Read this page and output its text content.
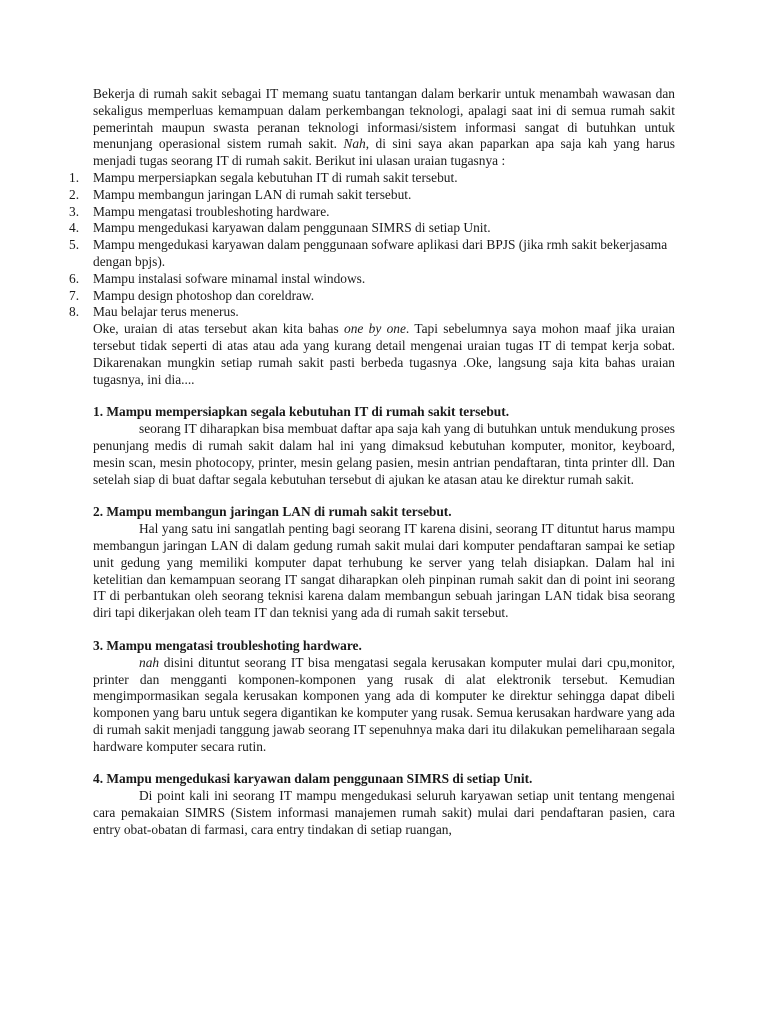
Bekerja di rumah sakit sebagai IT memang suatu tantangan dalam berkarir untuk menambah wawasan dan sekaligus memperluas kemampuan dalam perkembangan teknologi, apalagi saat ini di semua rumah sakit pemerintah maupun swasta peranan teknologi informasi/sistem informasi sangat di butuhkan untuk menunjang operasional sistem rumah sakit. Nah, di sini saya akan paparkan apa saja kah yang harus menjadi tugas seorang IT di rumah sakit. Berikut ini ulasan uraian tugasnya :

1. Mampu merpersiapkan segala kebutuhan IT di rumah sakit tersebut.
2. Mampu membangun jaringan LAN di rumah sakit tersebut.
3. Mampu mengatasi troubleshoting hardware.
4. Mampu mengedukasi karyawan dalam penggunaan SIMRS di setiap Unit.
5. Mampu mengedukasi karyawan dalam penggunaan sofware aplikasi dari BPJS (jika rmh sakit bekerjasama dengan bpjs).
6. Mampu instalasi sofware minamal instal windows.
7. Mampu design photoshop dan coreldraw.
8. Mau belajar terus menerus.

Oke, uraian di atas tersebut akan kita bahas one by one. Tapi sebelumnya saya mohon maaf jika uraian tersebut tidak seperti di atas atau ada yang kurang detail mengenai uraian tugas IT di tempat kerja sobat. Dikarenakan mungkin setiap rumah sakit pasti berbeda tugasnya .Oke, langsung saja kita bahas uraian tugasnya, ini dia....

1. Mampu mempersiapkan segala kebutuhan IT di rumah sakit tersebut.

seorang IT diharapkan bisa membuat daftar apa saja kah yang di butuhkan untuk mendukung proses penunjang medis di rumah sakit dalam hal ini yang dimaksud kebutuhan komputer, monitor, keyboard, mesin scan, mesin photocopy, printer, mesin gelang pasien, mesin antrian pendaftaran, tinta printer dll. Dan setelah siap di buat daftar segala kebutuhan tersebut di ajukan ke atasan atau ke direktur rumah sakit.

2. Mampu membangun jaringan LAN di rumah sakit tersebut.

Hal yang satu ini sangatlah penting bagi seorang IT karena disini, seorang IT dituntut harus mampu membangun jaringan LAN di dalam gedung rumah sakit mulai dari komputer pendaftaran sampai ke setiap unit gedung yang memiliki komputer dapat terhubung ke server yang telah disiapkan. Dalam hal ini ketelitian dan kemampuan seorang IT sangat diharapkan oleh pinpinan rumah sakit dan di point ini seorang IT di perbantukan oleh seorang teknisi karena dalam membangun sebuah jaringan LAN tidak bisa seorang diri tapi dikerjakan oleh team IT dan teknisi yang ada di rumah sakit tersebut.

3. Mampu mengatasi troubleshoting hardware.

nah disini dituntut seorang IT bisa mengatasi segala kerusakan komputer mulai dari cpu,monitor, printer dan mengganti komponen-komponen yang rusak di alat elektronik tersebut. Kemudian mengimpormasikan segala kerusakan komponen yang ada di komputer ke direktur sehingga dapat dibeli komponen yang baru untuk segera digantikan ke komputer yang rusak. Semua kerusakan hardware yang ada di rumah sakit menjadi tanggung jawab seorang IT sepenuhnya maka dari itu dilakukan pemeliharaan segala hardware komputer secara rutin.

4. Mampu mengedukasi karyawan dalam penggunaan SIMRS di setiap Unit.

Di point kali ini seorang IT mampu mengedukasi seluruh karyawan setiap unit tentang mengenai cara pemakaian SIMRS (Sistem informasi manajemen rumah sakit) mulai dari pendaftaran pasien, cara entry obat-obatan di farmasi, cara entry tindakan di setiap ruangan,
